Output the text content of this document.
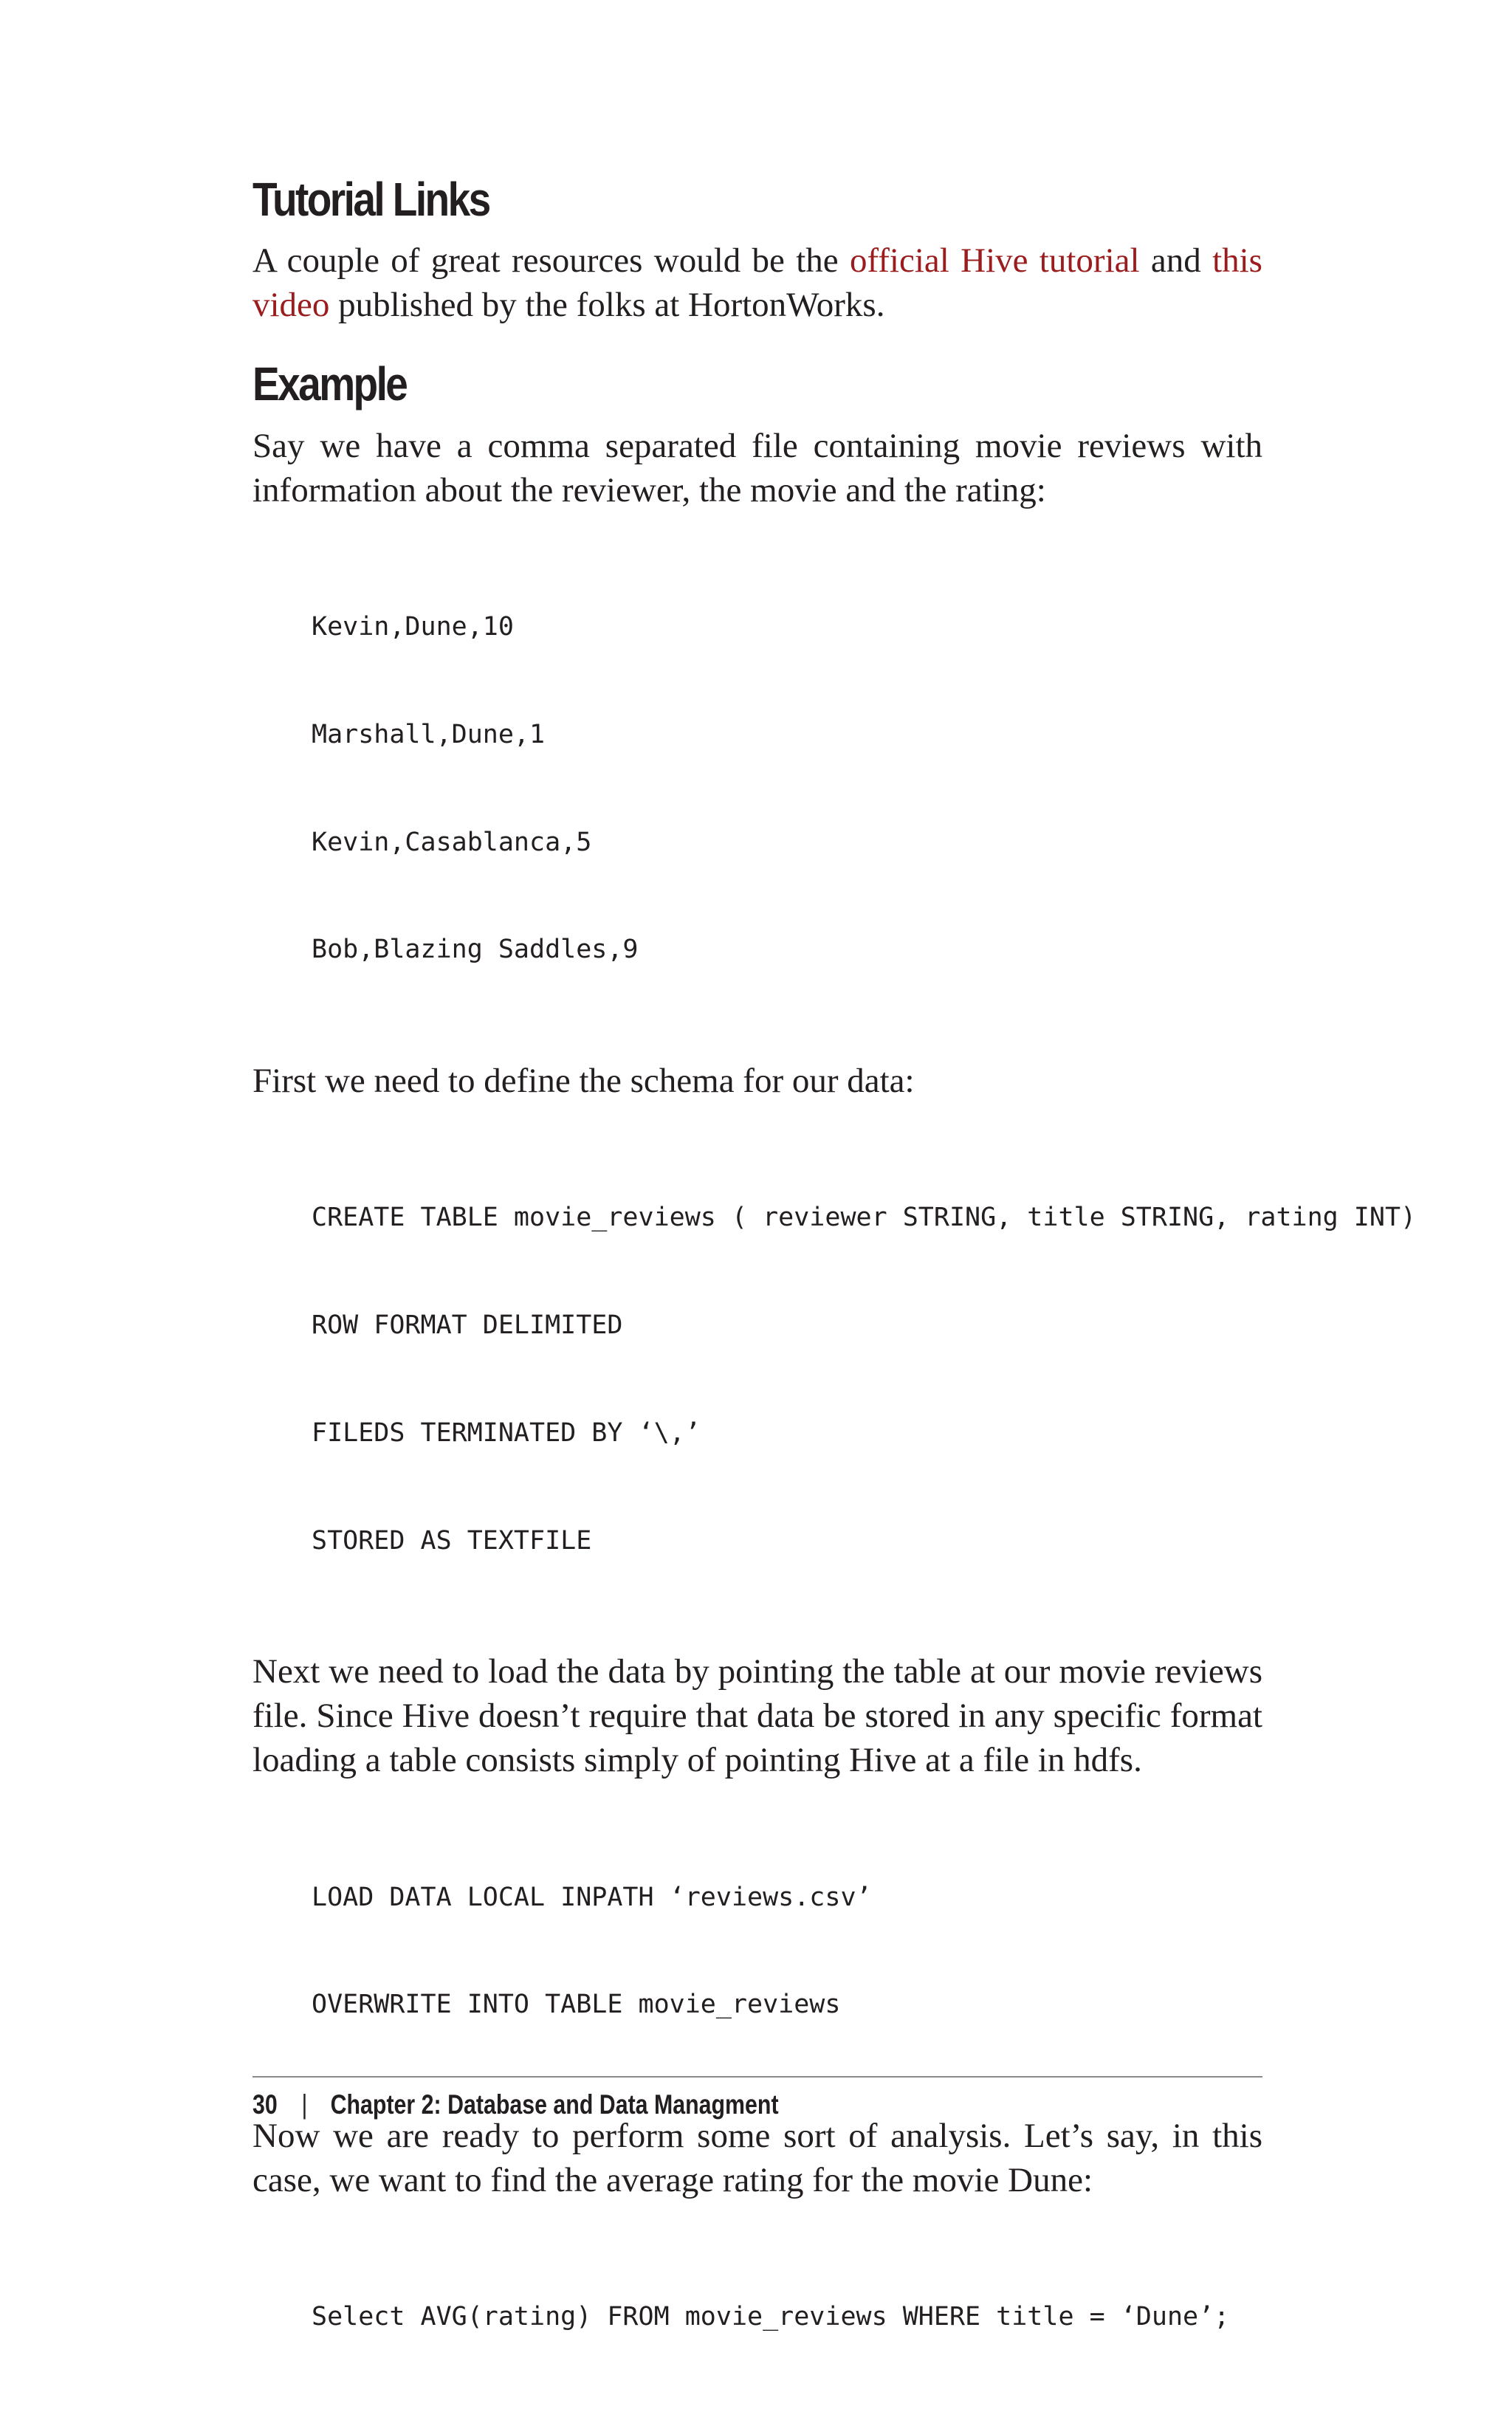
Tutorial Links

A couple of great resources would be the official Hive tutorial and this video published by the folks at HortonWorks.

Example

Say we have a comma separated file containing movie reviews with information about the reviewer, the movie and the rating:

Kevin,Dune,10

Marshall,Dune,1

Kevin,Casablanca,5

Bob,Blazing Saddles,9

First we need to define the schema for our data:

CREATE TABLE movie_reviews ( reviewer STRING, title STRING, rating INT)

ROW FORMAT DELIMITED

FILEDS TERMINATED BY ‘\,’

STORED AS TEXTFILE

Next we need to load the data by pointing the table at our movie reviews file. Since Hive doesn’t require that data be stored in any specific format loading a table consists simply of pointing Hive at a file in hdfs.

LOAD DATA LOCAL INPATH ‘reviews.csv’

OVERWRITE INTO TABLE movie_reviews

Now we are ready to perform some sort of analysis. Let’s say, in this case, we want to find the average rating for the movie Dune:

Select AVG(rating) FROM movie_reviews WHERE title = ‘Dune’;

30 | Chapter 2: Database and Data Managment
